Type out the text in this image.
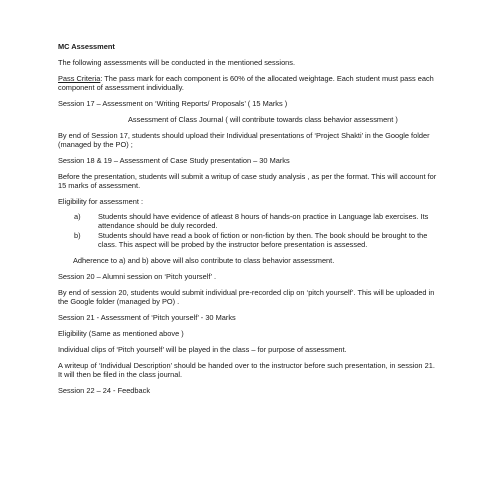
MC Assessment
The following assessments will be conducted in the mentioned sessions.
Pass Criteria: The pass mark for each component is 60% of the allocated weightage. Each student must pass each component of assessment individually.
Session 17 – Assessment on ‘Writing Reports/ Proposals’ ( 15 Marks )
Assessment of Class Journal ( will contribute towards class behavior assessment )
By end of Session 17, students should upload their Individual presentations of ‘Project Shakti’ in the Google folder (managed by the PO) ;
Session 18 & 19 – Assessment of Case Study presentation – 30 Marks
Before the presentation, students will submit a writup of case study analysis , as per the format. This will account for 15 marks of assessment.
Eligibility for assessment :
a) Students should have evidence of atleast 8 hours of hands-on practice in Language lab exercises. Its attendance should be duly recorded.
b) Students should have read a book of fiction or non-fiction by then. The book should be brought to the class. This aspect will be probed by the instructor before presentation is assessed.
Adherence to a) and b) above will also contribute to class behavior assessment.
Session 20 – Alumni session on ‘Pitch yourself’ .
By end of session 20, students would submit individual pre-recorded clip on ‘pitch yourself’. This will be uploaded in the Google folder (managed by PO) .
Session 21 - Assessment of ‘Pitch yourself’ - 30 Marks
Eligibility (Same as mentioned above )
Individual clips of ‘Pitch yourself’ will be played in the class – for purpose of assessment.
A writeup of ‘Individual Description’ should be handed over to the instructor before such presentation, in session 21. It will then be filed in the class journal.
Session 22 – 24 - Feedback
